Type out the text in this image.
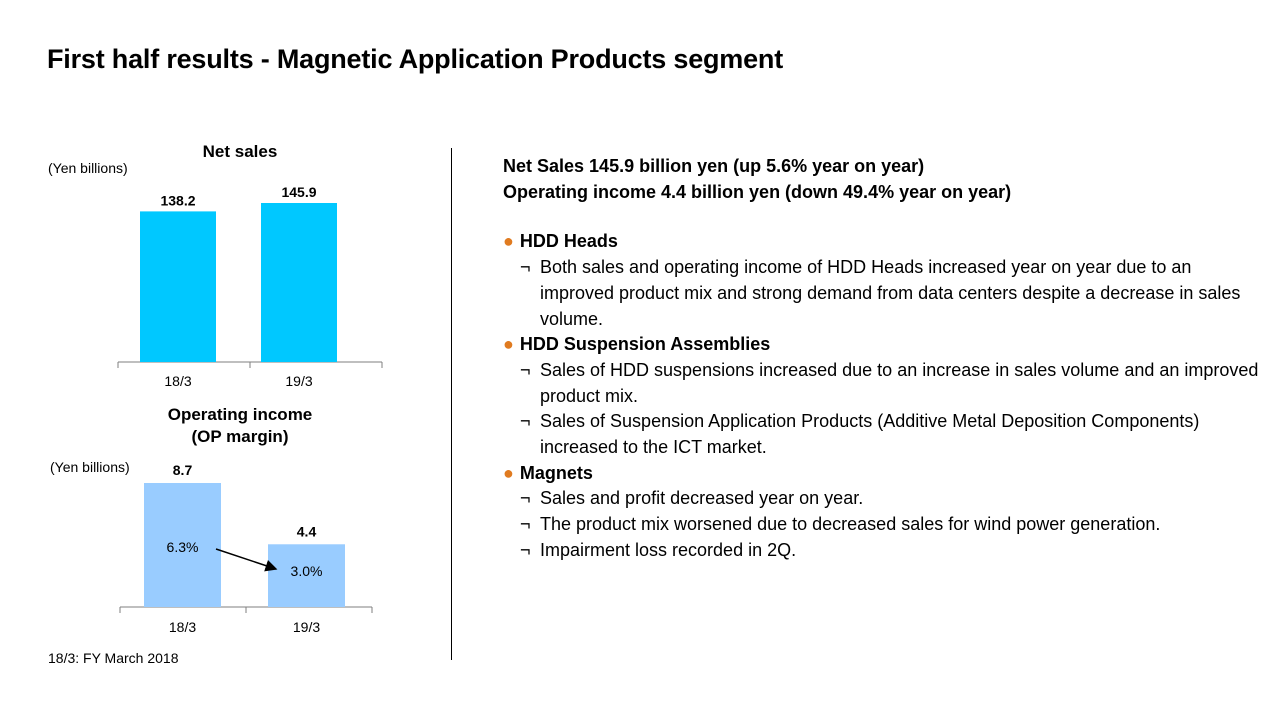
First half results - Magnetic Application Products segment
Net sales
(Yen billions)
138.2
18/3
145.9
19/3
Operating income
(OP margin)
(Yen billions)	8.7
18/3
4.4
19/3
6.3%
3.0%
18/3: FY March 2018
Net Sales 145.9 billion yen (up 5.6% year on year)
Operating income 4.4 billion yen (down 49.4% year on year)
● HDD Heads
¬ Both sales and operating income of HDD Heads increased year on year due to an improved product mix and strong demand from data centers despite a decrease in sales volume.
● HDD Suspension Assemblies
¬ Sales of HDD suspensions increased due to an increase in sales volume and an improved product mix.
¬ Sales of Suspension Application Products (Additive Metal Deposition Components) increased to the ICT market.
● Magnets
¬ Sales and profit decreased year on year.
¬ The product mix worsened due to decreased sales for wind power generation.
¬ Impairment loss recorded in 2Q.
